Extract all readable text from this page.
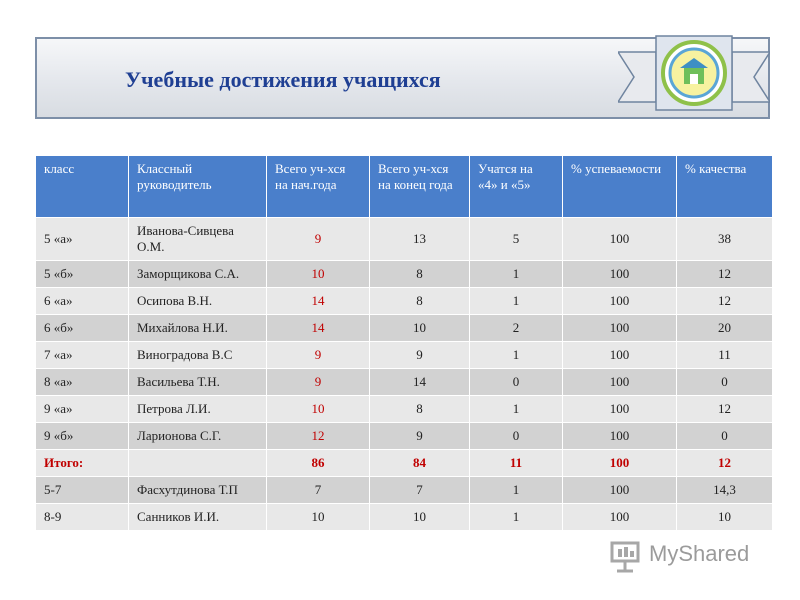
Учебные достижения учащихся
класс	Классный руководитель	Всего уч-хся на нач.года	Всего уч-хся на конец года	Учатся на «4» и «5»	% успеваемости	% качества
5 «а»	Иванова-Сивцева О.М.	9	13	5	100	38
5 «б»	Заморщикова С.А.	10	8	1	100	12
6 «а»	Осипова В.Н.	14	8	1	100	12
6 «б»	Михайлова Н.И.	14	10	2	100	20
7 «а»	Виноградова В.С	9	9	1	100	11
8 «а»	Васильева Т.Н.	9	14	0	100	0
9 «а»	Петрова Л.И.	10	8	1	100	12
9 «б»	Ларионова С.Г.	12	9	0	100	0
Итого:		86	84	11	100	12
5-7	Фасхутдинова Т.П	7	7	1	100	14,3
8-9	Санников И.И.	10	10	1	100	10
MyShared
